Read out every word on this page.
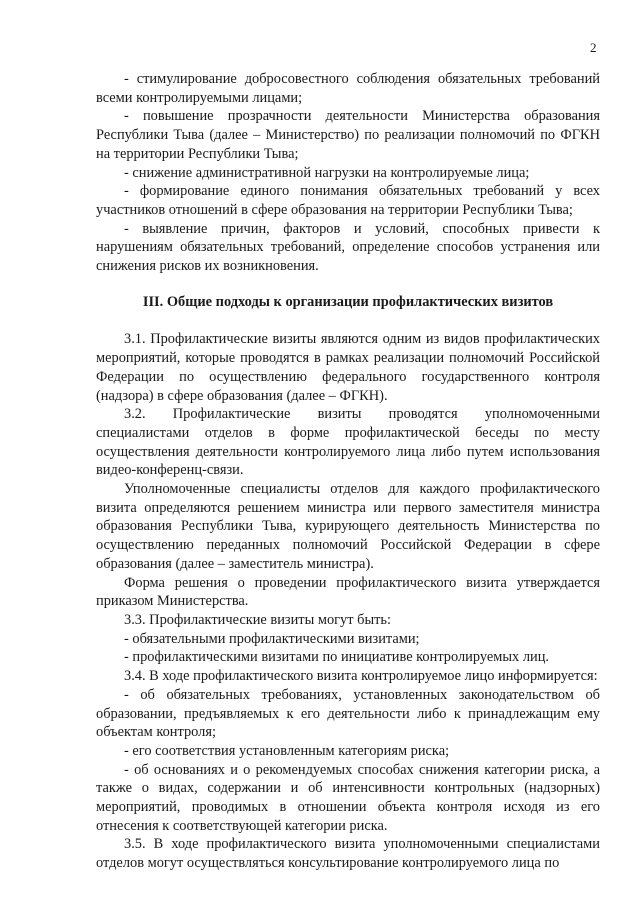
2

- стимулирование добросовестного соблюдения обязательных требований всеми контролируемыми лицами;

- повышение прозрачности деятельности Министерства образования Республики Тыва (далее – Министерство) по реализации полномочий по ФГКН на территории Республики Тыва;

- снижение административной нагрузки на контролируемые лица;

- формирование единого понимания обязательных требований у всех участников отношений в сфере образования на территории Республики Тыва;

- выявление причин, факторов и условий, способных привести к нарушениям обязательных требований, определение способов устранения или снижения рисков их возникновения.

III. Общие подходы к организации профилактических визитов

3.1. Профилактические визиты являются одним из видов профилактических мероприятий, которые проводятся в рамках реализации полномочий Российской Федерации по осуществлению федерального государственного контроля (надзора) в сфере образования (далее – ФГКН).

3.2. Профилактические визиты проводятся уполномоченными специалистами отделов в форме профилактической беседы по месту осуществления деятельности контролируемого лица либо путем использования видео-конференц-связи.

Уполномоченные специалисты отделов для каждого профилактического визита определяются решением министра или первого заместителя министра образования Республики Тыва, курирующего деятельность Министерства по осуществлению переданных полномочий Российской Федерации в сфере образования (далее – заместитель министра).

Форма решения о проведении профилактического визита утверждается приказом Министерства.

3.3. Профилактические визиты могут быть:

- обязательными профилактическими визитами;

- профилактическими визитами по инициативе контролируемых лиц.

3.4. В ходе профилактического визита контролируемое лицо информируется:

- об обязательных требованиях, установленных законодательством об образовании, предъявляемых к его деятельности либо к принадлежащим ему объектам контроля;

- его соответствия установленным категориям риска;

- об основаниях и о рекомендуемых способах снижения категории риска, а также о видах, содержании и об интенсивности контрольных (надзорных) мероприятий, проводимых в отношении объекта контроля исходя из его отнесения к соответствующей категории риска.

3.5. В ходе профилактического визита уполномоченными специалистами отделов могут осуществляться консультирование контролируемого лица по
